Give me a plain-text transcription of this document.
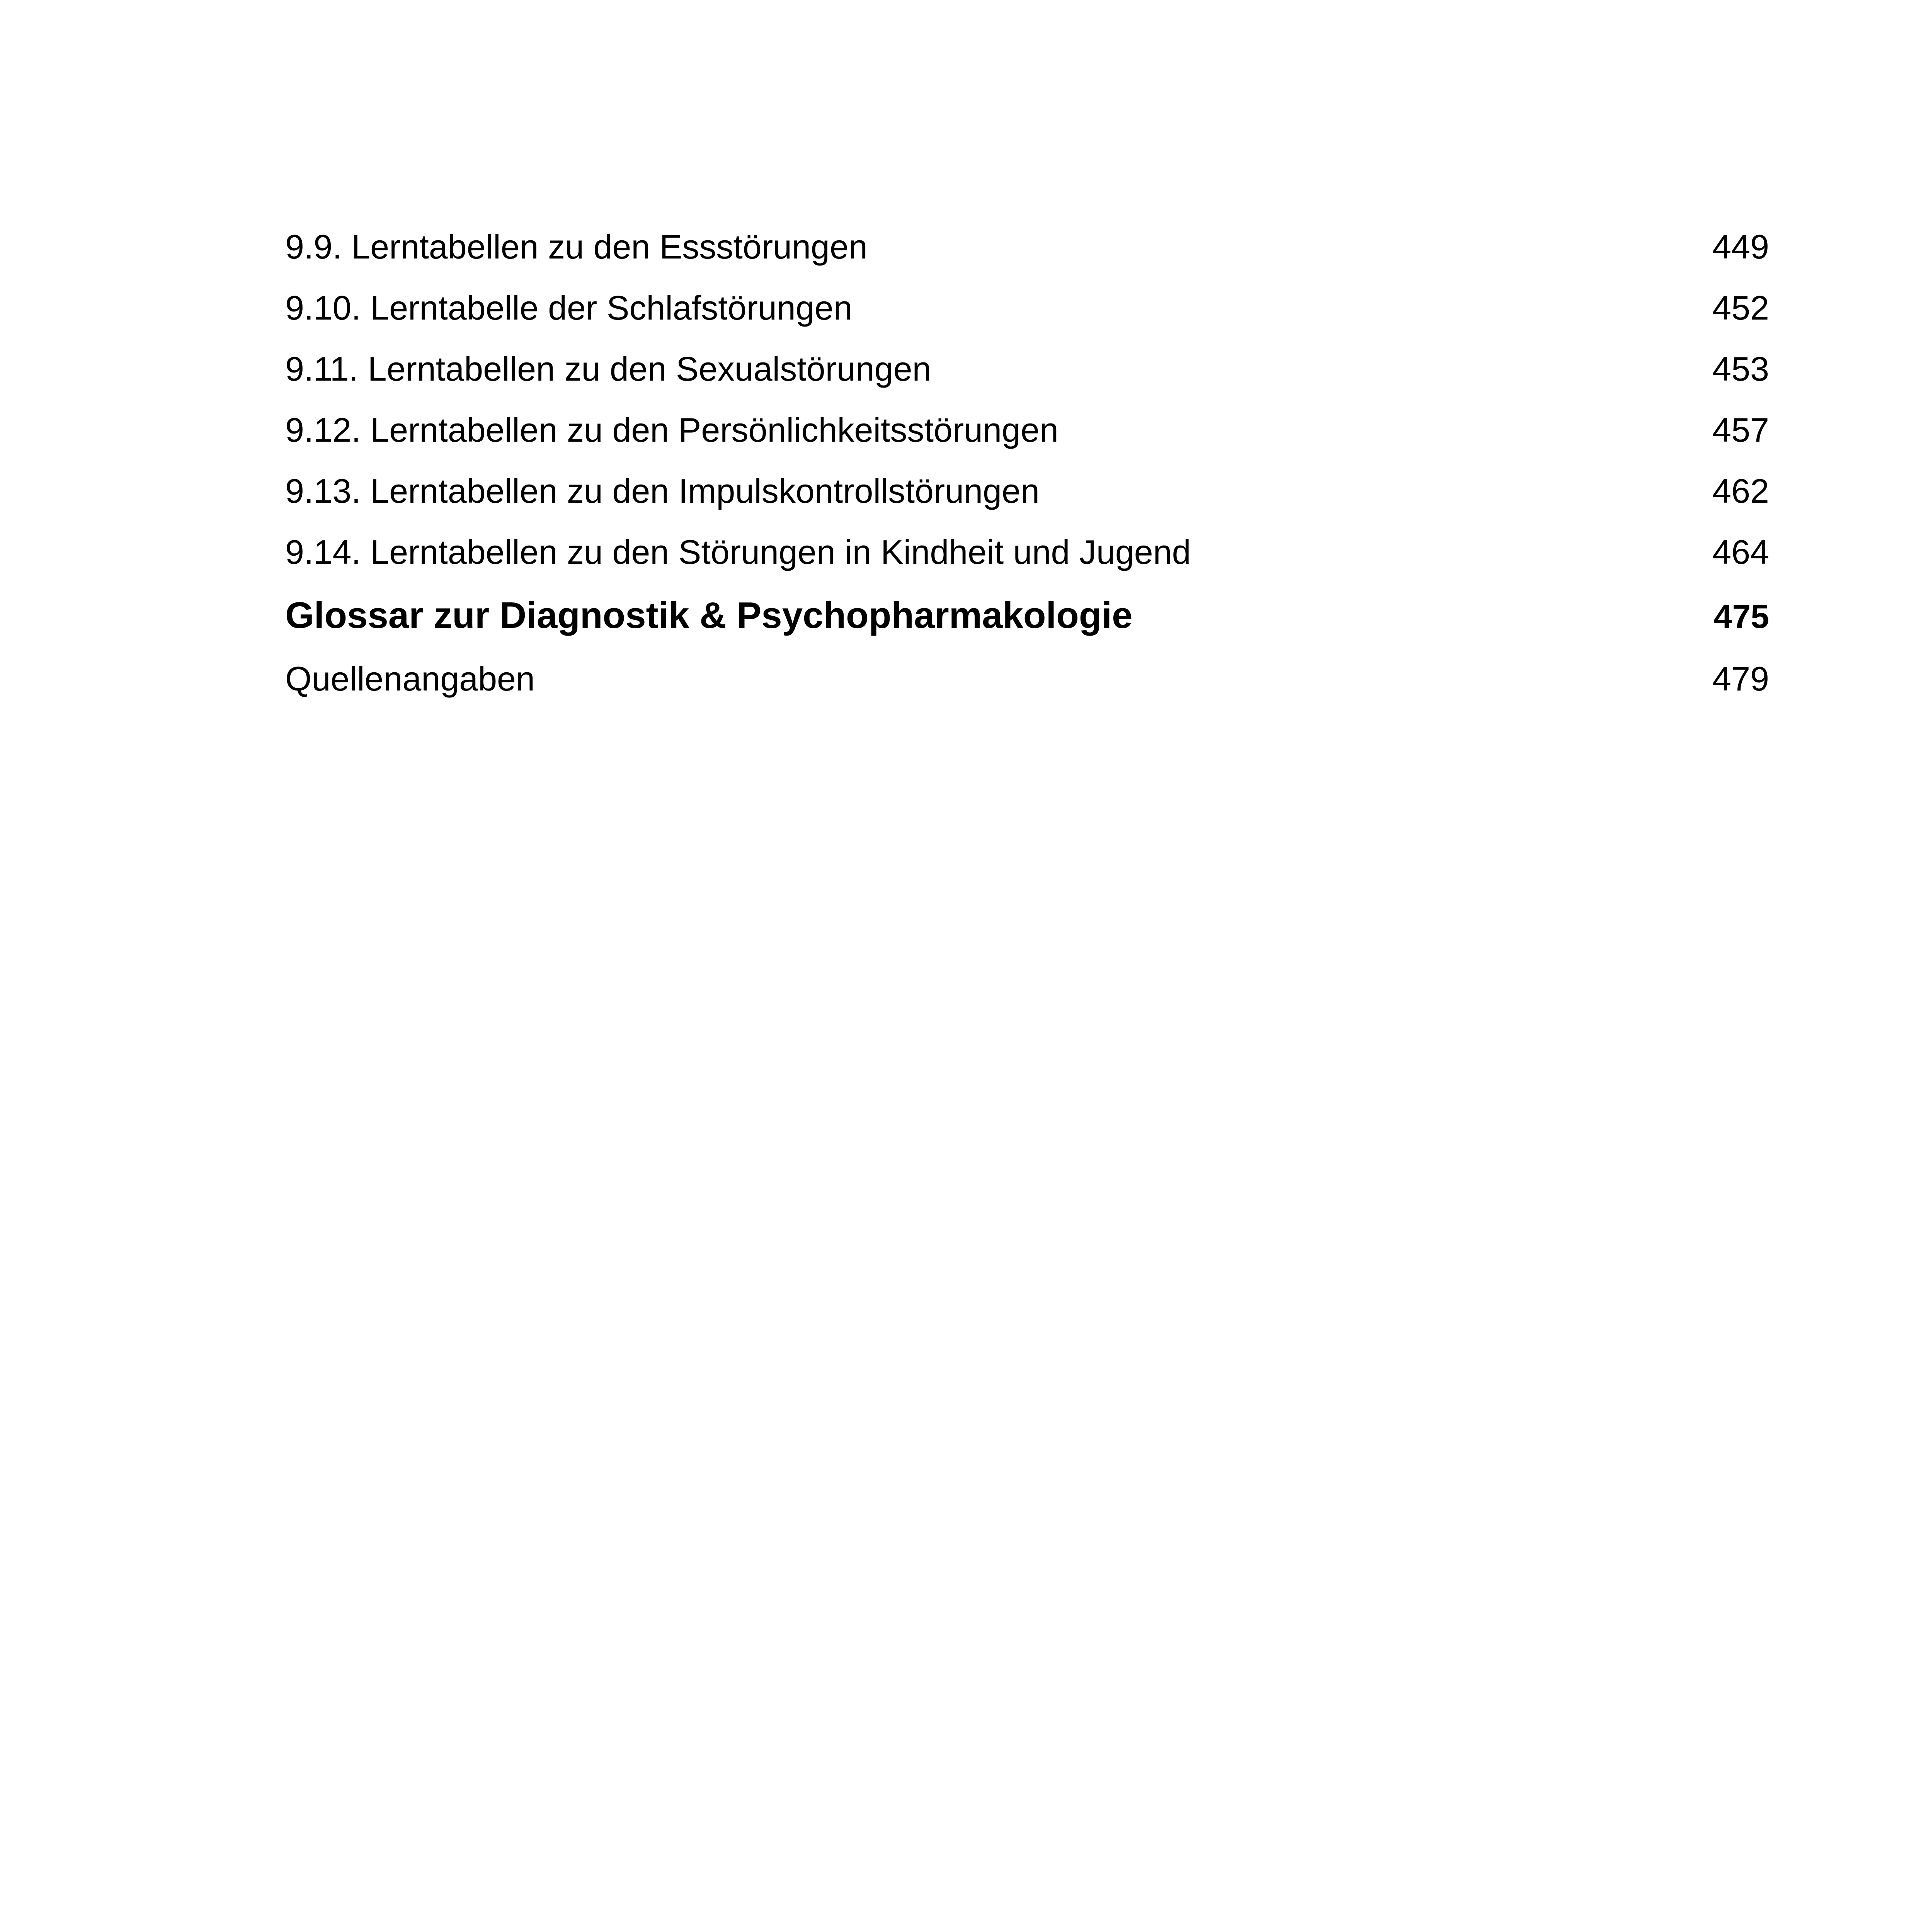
9.9. Lerntabellen zu den Essstörungen	449
9.10. Lerntabelle der Schlafstörungen	452
9.11. Lerntabellen zu den Sexualstörungen	453
9.12. Lerntabellen zu den Persönlichkeitsstörungen	457
9.13. Lerntabellen zu den Impulskontrollstörungen	462
9.14. Lerntabellen zu den Störungen in Kindheit und Jugend	464
Glossar zur Diagnostik & Psychopharmakologie	475
Quellenangaben	479
